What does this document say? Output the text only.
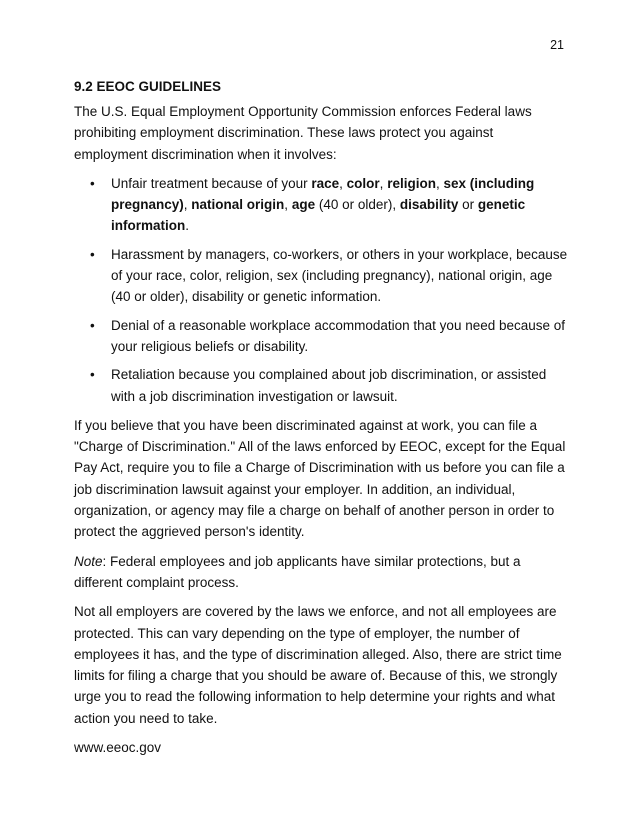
21
9.2 EEOC GUIDELINES

The U.S. Equal Employment Opportunity Commission enforces Federal laws prohibiting employment discrimination. These laws protect you against employment discrimination when it involves:

• Unfair treatment because of your race, color, religion, sex (including pregnancy), national origin, age (40 or older), disability or genetic information.
• Harassment by managers, co-workers, or others in your workplace, because of your race, color, religion, sex (including pregnancy), national origin, age (40 or older), disability or genetic information.
• Denial of a reasonable workplace accommodation that you need because of your religious beliefs or disability.
• Retaliation because you complained about job discrimination, or assisted with a job discrimination investigation or lawsuit.

If you believe that you have been discriminated against at work, you can file a "Charge of Discrimination." All of the laws enforced by EEOC, except for the Equal Pay Act, require you to file a Charge of Discrimination with us before you can file a job discrimination lawsuit against your employer. In addition, an individual, organization, or agency may file a charge on behalf of another person in order to protect the aggrieved person's identity.

Note: Federal employees and job applicants have similar protections, but a different complaint process.

Not all employers are covered by the laws we enforce, and not all employees are protected. This can vary depending on the type of employer, the number of employees it has, and the type of discrimination alleged. Also, there are strict time limits for filing a charge that you should be aware of. Because of this, we strongly urge you to read the following information to help determine your rights and what action you need to take.

www.eeoc.gov
